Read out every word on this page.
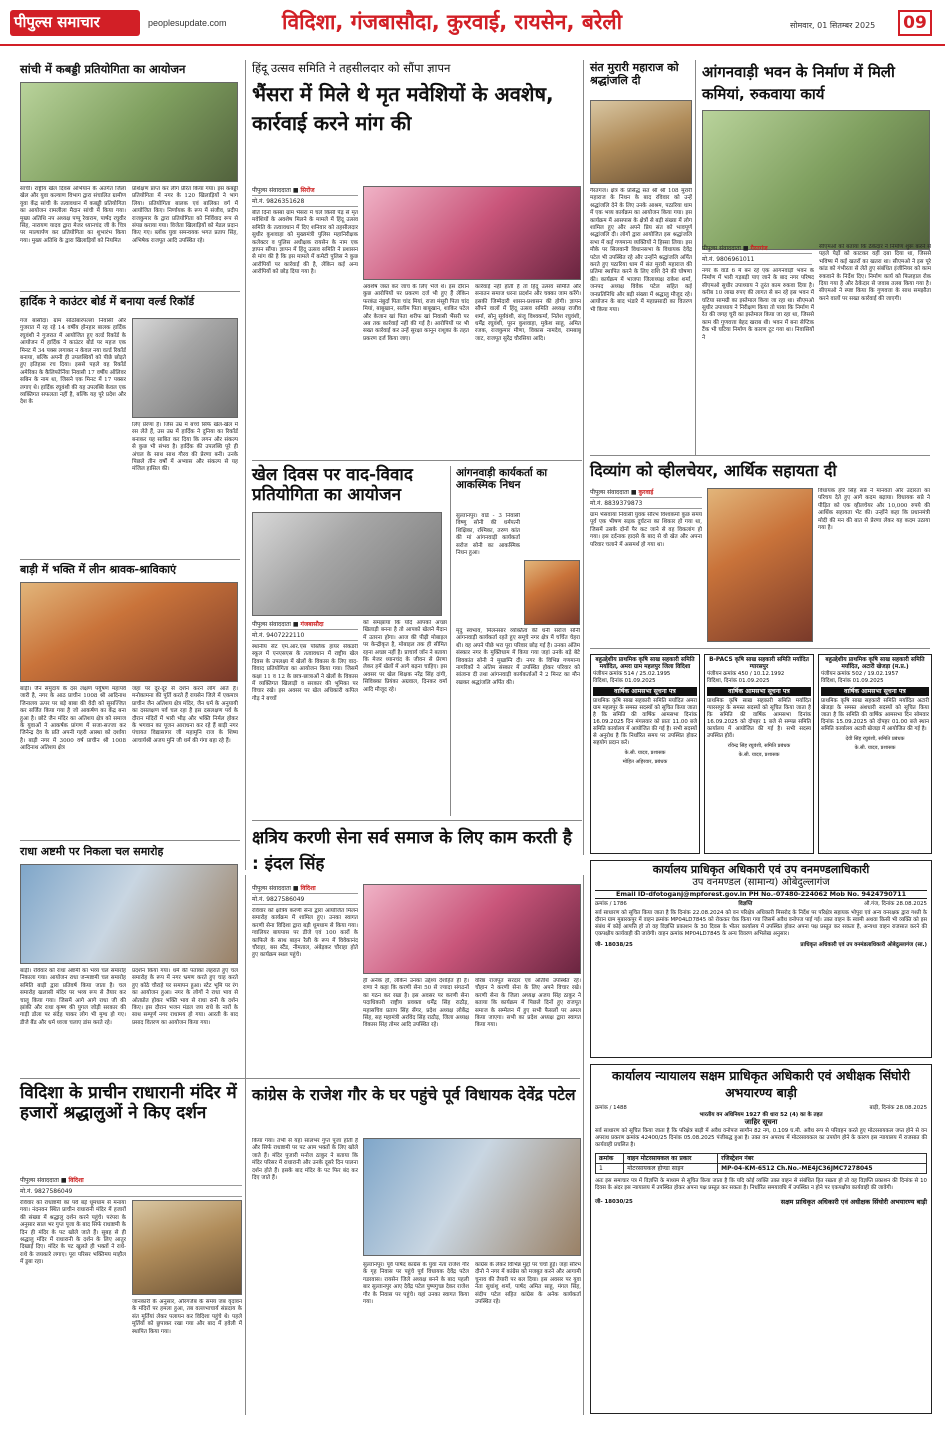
पीपुल्स समाचार	peoplesupdate.com	विदिशा, गंजबासौदा, कुरवाई, रायसेन, बरेली	सोमवार, 01 सितम्बर 2025	09
सांची में कबड्डी प्रतियोगिता का आयोजन
सांची। राष्ट्रीय खेल दिवस अभियान के अंतर्गत जिला खेल और युवा कल्याण विभाग द्वारा संचालित ग्रामीण युवा केंद्र सांची के तत्वावधान में कबड्डी प्रतियोगिता का आयोजन रामलीला मैदान सांची में किया गया। मुख्य अतिथि नप अध्यक्ष पप्पू रेवाराम, पार्षद रघुवीर सिंह, नारायण यादव द्वारा मेजर ध्यानचंद जी के चित्र पर माल्यार्पण कर प्रतियोगिता का शुभारंभ किया गया। मुख्य अतिथि के द्वारा खिलाड़ियों को नियमित
प्रशिक्षण प्राप्त कर लीग प्रेरित किया गया। इस कबड्डी प्रतियोगिता में नगर के 120 खिलाड़ियों ने भाग लिया। प्रतियोगिता बालक एवं बालिका वर्ग में आयोजित किए। निर्णायक के रूप में संजीव, प्रदीप राजकुमार के द्वारा प्रतियोगिता को निर्विवाद रूप से संपन्न कराया गया। विजेता खिलाड़ियों को मेडल प्रदान किए गए। ब्लॉक युवा समन्वयक भगत प्रताप सिंह, अभिषेक राजपूत आदि उपस्थित रहे।
हार्दिक ने काउंटर बोर्ड में बनाया वर्ल्ड रिकॉर्ड
गंज बासौदा। ग्राम सोठोबारपल्ला निवासी और गुजरात में रह रहे 14 वर्षीय होनहार बालक हार्दिक रघुवंशी ने गुजरात में आयोजित हुए वर्ल्ड रिकॉर्ड के आयोजन में हार्दिक ने काउंटर बोर्ड पर महज एक मिनट में 34 पक्स लगाकर न केवल नया वर्ल्ड रिकॉर्ड बनाया, बल्कि अपनी ही उपलब्धियों को पीछे छोड़ते हुए इतिहास रच दिया। इससे पहले वह रिकॉर्ड अमेरिका के कैलिफोर्निया निवासी 17 वर्षीय ऑलिवर सबिन के नाम था, जिसने एक मिनट में 17 पक्सर लगाए थे। हार्दिक रघुवंशी की यह उपलब्धि केवल एक व्यक्तिगत सफलता नहीं है, बल्कि यह पूरे प्रदेश और देश के
लिए प्रेरणा है। जिस उम्र में बच्चे सिर्फ खेल-खेल में रस लेते हैं, उस उम्र में हार्दिक ने दुनिया का रिकॉर्ड बनाकर यह साबित कर दिया कि लगन और संकल्प से कुछ भी संभव है। हार्दिक की उपलब्धि पूरे ही अंचल के साथ साथ गौरव की प्रेरणा बनी। उनके पिछले तीन वर्षों में अभ्यास और संकल्प से यह मंजिल हासिल की।
बाड़ी में भक्ति में लीन श्रावक-श्राविकाएं
बाड़ी। जैन समुदाय के दस लक्षण पर्युषण महापर्व जारी है, नगर के आठ प्राचीन 1008 श्री आदिनाथ जिनालय ऊपर पर बड़े बाबा की वेदी को सुसज्जित कर सर्जित किया गया है जो आकर्षण का केंद्र बना हुआ है। छोटे जैन मंदिर का अतिशय क्षेत्र को समाज के युवाओं ने आकर्षक प्रांगण में सजा-सज्जा कर जिनेन्द्र देव के प्रति अपनी गहरी आस्था को दर्शाया है। बाड़ी नगर में 3000 वर्ष प्राचीन श्री 1008 आदिनाथ अतिशय क्षेत्र
जहां पर दूर-दूर से दर्शन करने लोग आते हैं। मनोकामना की पूर्ति करते हैं रायसेन जिले में एकमात्र प्राचीन जैन अतिशय क्षेत्र मंदिर, जैन धर्म के अनुयायी का दसलक्षण पर्व चल रहा है इस दसलक्षण पर्व के दौरान मंदिरों में भारी भीड़ और भक्ति निर्मल होकर के भगवान का पूजन आराधना कर रहे हैं बाड़ी नगर पंचायत विद्यासागर जी महामुनि राज के शिष्य आचार्यश्री अजय मुनि जी धर्म की गंगा बहा रहे हैं।
राधा अष्टमी पर निकला चल समारोह
बाड़ी। रविवार को राधा अष्टमी का भव्य चल समारोह निकाला गया। आयोजन राधा जन्माष्टमी चल समारोह समिति बाड़ी द्वारा प्रतिवर्ष किया जाता है। चल समारोह खलासी मंदिर पर भव्य रूप से तैयार कर चालू किया गया। जिसमें आगे आगे राधा जी की झांकी और राधा कृष्ण की युगल जोड़ी सरकार की गाड़ी डोला पर संदेह पाकर लोग भी मुग्ध हो गए। डीजे बैंड और धर्म ध्वजा चलाए डांस करते रहे।
प्रदर्शन किया गया। धर्म की पताका लहराते हुए चल समारोह के रूप में नगर भ्रमण करते हुए चाह करते हुए कोठे चौराहे पर समापन हुआ। स्टेट भूमि पर रंग का आयोजन हुआ। नगर के लोगों ने राधा भाव से ओतप्रोत होकर भक्ति भाव से राधा रानी के दर्शन किए। इस दौरान भजन मंडल जय राधे के नारों के साथ सम्पूर्ण नगर राधामय हो गया। आरती के बाद प्रसाद वितरण का आयोजन किया गया।
विदिशा के प्राचीन राधारानी मंदिर में हजारों श्रद्धालुओं ने किए दर्शन
पीपुल्स संवाददाता ■ विदिशा
मो.नं. 9827586049
रविवार को राधाष्टमी का पर्व बड़े धूमधाम से मनाया गया। नंदनवन स्थित प्राचीन राधारानी मंदिर में हजारों की संख्या में श्रद्धालु दर्शन करने पहुंचे। परंपरा के अनुसार साल भर गुप्त पूजा के बाद सिर्फ राधाष्टमी के दिन ही मंदिर के पट खोले जाते हैं। सुबह से ही श्रद्धालु मंदिर में राधारानी के दर्शन के लिए आतुर दिखाई दिए। मंदिर के पट खुलते ही भक्तों ने राधे-राधे के जयकारे लगाए। पूरा परिसर भक्तिमय माहौल में डूबा रहा।
जानकारी के अनुसार, औरंगजेब के समय जब वृंदावन के मंदिरों पर हमला हुआ, तब वल्लभाचार्य संप्रदाय के संत मूर्तियां लेकर पलायन कर विदिशा पहुंचे थे। पहले मूर्तियों को छुपाकर रखा गया और बाद में हवेली में स्थापित किया गया।
हिंदू उत्सव समिति ने तहसीलदार को सौंपा ज्ञापन
भैंसरा में मिले थे मृत मवेशियों के अवशेष, कार्रवाई करने मांग की
पीपुल्स संवाददाता ■ सिरोंज
मो.नं. 9826351628
बीते दिनों कस्बा ग्राम भैंसरा में चले किसी पेड़ से मृत मवेशियों के अवशेष मिलने के मामले में हिंदू उत्सव समिति के तत्वावधान में दिए शनिवार को तहसीलदार सुधीर कुशवाहा को मुख्यमंत्री पुलिस महानिरीक्षक कलेक्टर व पुलिस अधीक्षक रायसेन के नाम एक ज्ञापन सौंपा। ज्ञापन में हिंदू उत्सव समिति ने प्रशासन से मांग की है कि इस मामले में कमेटी पुलिस ने कुछ आरोपियों पर कार्रवाई की है, लेकिन कई अन्य आरोपियों को छोड़ दिया गया है।
अवशेष जब्त कर जांच के लिए भेजे थे। इस दौरान कुछ आरोपियों पर प्रकरण दर्ज भी हुए हैं लेकिन फरकंड नंबुर्दा पिता चांद मियां, राजा मंसूरी पिता चांद मियां, बाबूखान, सलीम पिता बाबूखान, शाकिर पटेल और केजान खां पिता शरीफ खां निवासी भैंसरी पर अब तक कार्रवाई नहीं की गई है। आरोपियों पर भी सख्त कार्रवाई कर उन्हें सुरक्षा कानून राशुका के तहत प्रकरण दर्ज किया जाए।
कार्रवाई नहीं होती है तो हिंदू उत्सव समिति और सनातन समाज धरना प्रदर्शन और चक्का जाम करेंगे। इसकी जिम्मेदारी शासन-प्रशासन की होगी। ज्ञापन सौंपने वालों में हिंदू उत्सव समिति अध्यक्ष राजीव शर्मा, सोनू सूर्यवंशी, संजू विश्वकर्मा, नितेश रघुवंशी, धर्मेंद्र रघुवंशी, पूरन कुशवाहा, मुकेश साहू, अमित रजक, राजकुमार मीणा, विकास नामदेव, रामबाबू जाट, राजपूत सुरेंद्र चौरसिया आदि।
खेल दिवस पर वाद-विवाद प्रतियोगिता का आयोजन
पीपुल्स संवाददाता ■ गंजबासौदा
मो.नं. 9407222110
स्थानीय सेंट एम.आर.एस पब्लिक हायर सेकंडरी स्कूल में एनएसएस के तत्वावधान में राष्ट्रीय खेल दिवस के उपलक्ष्य में खेलों के विकास के लिए वाद-विवाद प्रतियोगिता का आयोजन किया गया। जिसमें कक्षा 11 व 12 के छात्र-छात्राओं ने खेलों के विकास में व्यक्तिगत खिलाड़ी व सरकार की भूमिका पर विचार रखे। इस अवसर पर खेल अधिकारी कपिल गौड़ ने बच्चों
को समझाया कि यदि आपको अच्छा खिलाड़ी बनना है तो आपको खेलने मैदान में उतरना होगा। आज की पीढ़ी मोबाइल पर केन्द्रीकृत है, मोबाइल तक ही सीमित रहना अच्छा नहीं है। प्राचार्य जॉन ने बताया कि मेजर ध्यानचंद के जीवन से प्रेरणा लेकर हमें खेलों में आगे बढ़ना चाहिए। इस अवसर पर खेल शिक्षक नरेंद्र सिंह दांगी, सिविक्का प्रियंका अग्रवाल, दिनकर वर्मा आदि मौजूद रहे।
आंगनवाड़ी कार्यकर्ता का आकस्मिक निधन
सुल्तानपुर। वार्ड - 3 निवासी विष्णु सोनी की धर्मपत्नी शिक्षिका, रश्मिका, तरुण कांत की मां आंगनवाड़ी कार्यकर्ता सरोज सोनी का आकस्मिक निधन हुआ।
मृदु स्वभाव, मिलनसार व्यक्तित्व की धनी सरोज सोनी आंगनवाड़ी कार्यकर्ता रहते हुए समूचे नगर क्षेत्र में चर्चित चेहरा थी। वह अपने पीछे भरा पूरा परिवार छोड़ गई है। उनका अंतिम संस्कार नगर के मुक्तिधाम में किया गया जहां उनके बड़े बेटे शिवकांत सोनी ने मुखाग्नि दी। नगर के विभिन्न गणमान्य नागरिकों ने अंतिम संस्कार में उपस्थित होकर परिवार को सांत्वना दी तथा आंगनवाड़ी कार्यकर्ताओं ने 2 मिनट का मौन रखकर श्रद्धांजलि अर्पित की।
क्षत्रिय करणी सेना सर्व समाज के लिए काम करती है : इंदल सिंह
पीपुल्स संवाददाता ■ विदिशा
मो.नं. 9827586049
रविवार को क्षत्रिय करणी सेना द्वारा आयोजित मिलन समारोह कार्यक्रम में शामिल हुए। उनका स्वागत करणी सेना विदिशा द्वारा बड़ी धूमधाम से किया गया। ग्वालियर बायपास पर डीजे एवं 100 कारों के काफिले के साथ बाहन रैली के रूप में विवेकानंद चौराहा, बस स्टैंड, नीमताल, अंबेड़कर चौराहा होते हुए कार्यक्रम स्थल पहुंचे।
ही अनेक हो, लेकिन उनका उद्देश्य देशहित ही है। राणा ने कहा कि करणी सेना 50 से ज्यादा संगठनों का गठन कर रखा है। इस अवसर पर करणी सेना पदाधिकारी राष्ट्रीय प्रवक्ता धर्मेंद्र सिंह राठौड़, महासचिव प्रताप सिंह सेंगर, प्रदेश अध्यक्ष लोकेंद्र सिंह, सह महामंत्री अरविंद सिंह राठौड़, जिला अध्यक्ष विकास सिंह तोमर आदि उपस्थित रहे।
वरिष्ठ राजपूत सरदार एवं अतिथि उपस्थित रहे। चौहान ने करणी सेना के लिए अपने विचार रखे। करणी सेना के जिला अध्यक्ष अजय सिंह ठाकुर ने बताया कि कार्यक्रम में पिछले दिनों हुए राजपूत समाज के सम्मेलन में हुए सभी फैसलों पर अमल किया जाएगा। सभी का प्रदेश अध्यक्ष द्वारा स्वागत किया गया।
कांग्रेस के राजेश गौर के घर पहुंचे पूर्व विधायक देवेंद्र पटेल
किया गया। तभी से यहां सालभर गुप्त पूजा होती है और सिर्फ राधाष्टमी पर पट आम भक्तों के लिए खोले जाते हैं। मंदिर पुजारी मनोज ठाकुर ने बताया कि मंदिर परिसर में राधारानी और उनके दूसरे दिन पालना दर्शन होते हैं। इसके बाद मंदिर के पट फिर बंद कर दिए जाते हैं।
सुल्तानपुर। पूर्व पार्षद कांग्रेस के युवा नेता राजेश गौर के गृह निवास पर पहुंचे पूर्व विधायक देवेंद्र पटेल गडरवास। रायसेन जिले अध्यक्ष बनने के बाद पहली बार सुल्तानपुर आए देवेंद्र पटेल पुष्पगुच्छ देकर राजेश गौर के निवास पर पहुंचे। यहां उनका स्वागत किया गया।
कांग्रेस के लेकर विभिन्न मुद्दों पर चर्चा हुई। जहां सौरभ दौनो ने नगर में कांग्रेस को मजबूत करने और आगामी चुनाव की तैयारी पर बल दिया। इस अवसर पर युवा नेता सुधांशु शर्मा, पार्षद अमित साहू, मंगल सिंह, संदीप पटेल सहित कांग्रेस के अनेक कार्यकर्ता उपस्थित रहे।
संत मुरारी महाराज को श्रद्धांजलि दी
गैरतगंज। क्षेत्र के प्रसिद्ध संत श्री श्री 108 मुरारी महाराज के निधन के बाद रविवार को उन्हें श्रद्धांजलि देने के लिए उनके आश्रम, पठारिया धाम में एक भव्य कार्यक्रम का आयोजन किया गया। इस कार्यक्रम में आसपास के क्षेत्रों से बड़ी संख्या में लोग शामिल हुए और अपने प्रिय संत को भावपूर्ण श्रद्धांजलि दी। लोगों द्वारा आयोजित इस श्रद्धांजलि सभा में कई गणमान्य व्यक्तियों ने हिस्सा लिया। इस मौके पर सिलवानी विधानसभा के विधायक देवेंद्र पटेल भी उपस्थित रहे और उन्होंने श्रद्धांजलि अर्पित करते हुए पठारिया धाम में संत मुरारी महाराज की प्रतिमा स्थापित करने के लिए राशि देने की घोषणा की। कार्यक्रम में भाजपा जिलाध्यक्ष राकेश शर्मा, जनपद अध्यक्ष विवेक पटेल सहित कई जनप्रतिनिधि और बड़ी संख्या में श्रद्धालु मौजूद रहे। आयोजन के बाद भंडारे में महाप्रसादी का वितरण भी किया गया।
आंगनवाड़ी भवन के निर्माण में मिली कमियां, रुकवाया कार्य
पीपुल्स संवाददाता ■ गैरतगंज
मो.नं. 9806961011
नगर के वार्ड 6 में बन रहे एक आंगनवाड़ी भवन के निर्माण में भारी गड़बड़ी पाए जाने के बाद नगर परिषद सीएमओ सुधीर उपाध्याय ने तुरंत काम रुकवा दिया है। करीब 10 लाख रुपए की लागत से बन रहे इस भवन में घटिया सामग्री का इस्तेमाल किया जा रहा था। सीएमओ सुधीर उपाध्याय ने निरीक्षण किया तो पाया कि निर्माण में रेत की जगह चूरी का इस्तेमाल किया जा रहा था, जिससे काम की गुणवत्ता बेहद खराब थी। भवन में बना सेप्टिक टैंक भी घटिया निर्माण के कारण टूट गया था। निवासियों ने
सीएमओ को बताया कि ठेकेदार ने निर्माण शुरू करने से पहले पेड़ों को काटकर वहीं दबा दिया था, जिससे भविष्य में कई खतरों का खतरा था। सीएमओ ने इस पूरे कांड को गंभीरता से लेते हुए संबंधित इंजीनियर को काम रुकवाने के निर्देश दिए। निर्माण कार्य को फिलहाल रोक दिया गया है और ठेकेदार से जवाब तलब किया गया है। सीएमओ ने स्पष्ट किया कि गुणवत्ता के साथ समझौता करने वालों पर सख्त कार्रवाई की जाएगी।
दिव्यांग को व्हीलचेयर, आर्थिक सहायता दी
पीपुल्स संवाददाता ■ कुरवाई
मो.नं. 8839379873
ग्राम भेसवाया निवासी युवक सौरभ विश्वकर्मा कुछ समय पूर्व एक भीषण सड़क दुर्घटना का शिकार हो गया था, जिसमें उसके दोनों पैर कट जाने से वह विकलांग हो गया। इस दर्दनाक हादसे के बाद से वो खेत और अपना परिवार चलाने में असमर्थ हो गया था।
विधायक हरि सिंह सप्रे ने मानवता और उदारता का परिचय देते हुए आगे कदम बढ़ाया। विधायक सप्रे ने पीड़ित को एक व्हीलचेयर और 10,000 रुपये की आर्थिक सहायता भेंट की। उन्होंने कहा कि प्रधानमंत्री मोदी की मन की बात से प्रेरणा लेकर यह कदम उठाया गया है।
बहुउद्देशीय प्राथमिक कृषि साख सहकारी समिति मर्यादित, अमरा ग्राम महलपुर जिला विदिशा
पंजीयन क्रमांक 514 / 25.02.1995
विदिशा, दिनांक 01.09.2025
वार्षिक आमसभा सूचना पत्र
प्राथमिक कृषि साख सहकारी समिति मर्यादित अमरा ग्राम महलपुर के समस्त सदस्यों को सूचित किया जाता है कि समिति की वार्षिक आमसभा दिनांक 16.09.2025 दिन मंगलवार को प्रातः 11.00 बजे समिति कार्यालय में आयोजित की गई है। सभी सदस्यों से अनुरोध है कि निर्धारित समय पर उपस्थित होकर सहयोग प्रदान करें।
के.सी. यादव, प्रशासक
मोहित अहिरवार, प्रबंधक
B-PACS कृषि साख सहकारी समिति मर्यादित ग्यारसपुर
पंजीयन क्रमांक 450 / 10.12.1992
विदिशा, दिनांक 01.09.2025
वार्षिक आमसभा सूचना पत्र
प्राथमिक कृषि साख सहकारी समिति मर्यादित ग्यारसपुर के समस्त सदस्यों को सूचित किया जाता है कि समिति की वार्षिक आमसभा दिनांक 16.09.2025 को दोपहर 1 बजे से सम्पन्न समिति कार्यालय में आयोजित की गई है। सभी सदस्य उपस्थित होवें।
रविन्द्र सिंह रघुवंशी, समिति प्रबंधक
के.सी. यादव, प्रशासक
बहुउद्देशीय प्राथमिक कृषि साख सहकारी समिति मर्यादित, अटारी खेजड़ा (म.प्र.)
पंजीयन क्रमांक 502 / 19.02.1957
विदिशा, दिनांक 01.09.2025
वार्षिक आमसभा सूचना पत्र
प्राथमिक कृषि साख सहकारी समिति मर्यादित अटारी खेजड़ा के समस्त अंशधारी सदस्यों को सूचित किया जाता है कि समिति की वार्षिक आमसभा दिन सोमवार दिनांक 15.09.2025 को दोपहर 01.00 बजे स्थान समिति कार्यालय अटारी खेजड़ा में आयोजित की गई है।
देवी सिंह रघुवंशी, समिति प्रबंधक
के.सी. यादव, प्रशासक
कार्यालय प्राधिकृत अधिकारी एवं उप वनमण्डलाधिकारी
उप वनमण्डल (सामान्य) ओबेदुल्लागंज
Email ID-dfotoganj@mpforest.gov.in PH No.-07480-224062 Mob No. 9424790711
क्रमांक / 1786	विज्ञप्ति	औ.गंज, दिनांक 28.08.2025
सर्व साधारण को सूचित किया जाता है कि दिनांक 22.08.2024 को वन परिक्षेत्र अधिकारी मिसरोद के निर्देश पर परिक्षेत्र सहायक भोपुरा एवं अन्य वनरक्षक द्वारा गश्ती के दौरान ग्राम मुबारकपुर में वाहन क्रमांक MP04LD7845 को रोककर चेक किया गया जिसमें अवैध वनोपज पाई गई। उक्त वाहन के स्वामी अथवा किसी भी व्यक्ति को इस संबंध में कोई आपत्ति हो तो वह विज्ञप्ति प्रकाशन के 30 दिवस के भीतर कार्यालय में उपस्थित होकर अपना पक्ष प्रस्तुत कर सकता है, अन्यथा वाहन राजसात करने की एकपक्षीय कार्यवाही की जावेगी। वाहन क्रमांक MP04LD7845 के अन्य विवरण अभिलेख अनुसार।
जी- 18038/25	प्राधिकृत अधिकारी एवं उप वनमंडलाधिकारी ओबेदुल्लागंज (सा.)
कार्यालय न्यायालय सक्षम प्राधिकृत अधिकारी एवं अधीक्षक सिंघोरी अभयारण्य बाड़ी
क्रमांक / 1488	बाड़ी, दिनांक 28.08.2025
भारतीय वन अधिनियम 1927 की धारा 52 (4) का के तहत
जाहिर सूचना
सर्व साधारण को सूचित किया जाता है कि परिक्षेत्र बाड़ी में अवैध वनोपज सागौन 82 नग, 0.109 घ.मी. अवैध रूप से परिवहन करते हुए मोटरसायकल जप्त होने से वन अपराध प्रकरण क्रमांक 42400/25 दिनांक 05.08.2025 पंजीबद्ध हुआ है। उक्त वन अपराध में मोटरसायकल का उपयोग होने के कारण इस न्यायालय में राजसात की कार्यवाही प्रचलित है।
क्रमांक	वाहन मोटरसायकल का प्रकार	रजिस्ट्रेशन नंबर
1	मोटरसायकल होण्डा साइन	MP-04-KM-6512 Ch.No.-ME4JC36JMC7278045
अतः इस समाचार पत्र में विज्ञप्ति के माध्यम से सूचित किया जाता है कि यदि कोई व्यक्ति उक्त वाहन से संबंधित हित रखता हो तो वह विज्ञप्ति प्रकाशन की दिनांक से 10 दिवस के अंदर इस न्यायालय में उपस्थित होकर अपना पक्ष प्रस्तुत कर सकता है। निर्धारित समयावधि में उपस्थित न होने पर एकपक्षीय कार्यवाही की जावेगी।
जी- 18030/25	सक्षम प्राधिकृत अधिकारी एवं अधीक्षक सिंघोरी अभयारण्य बाड़ी
